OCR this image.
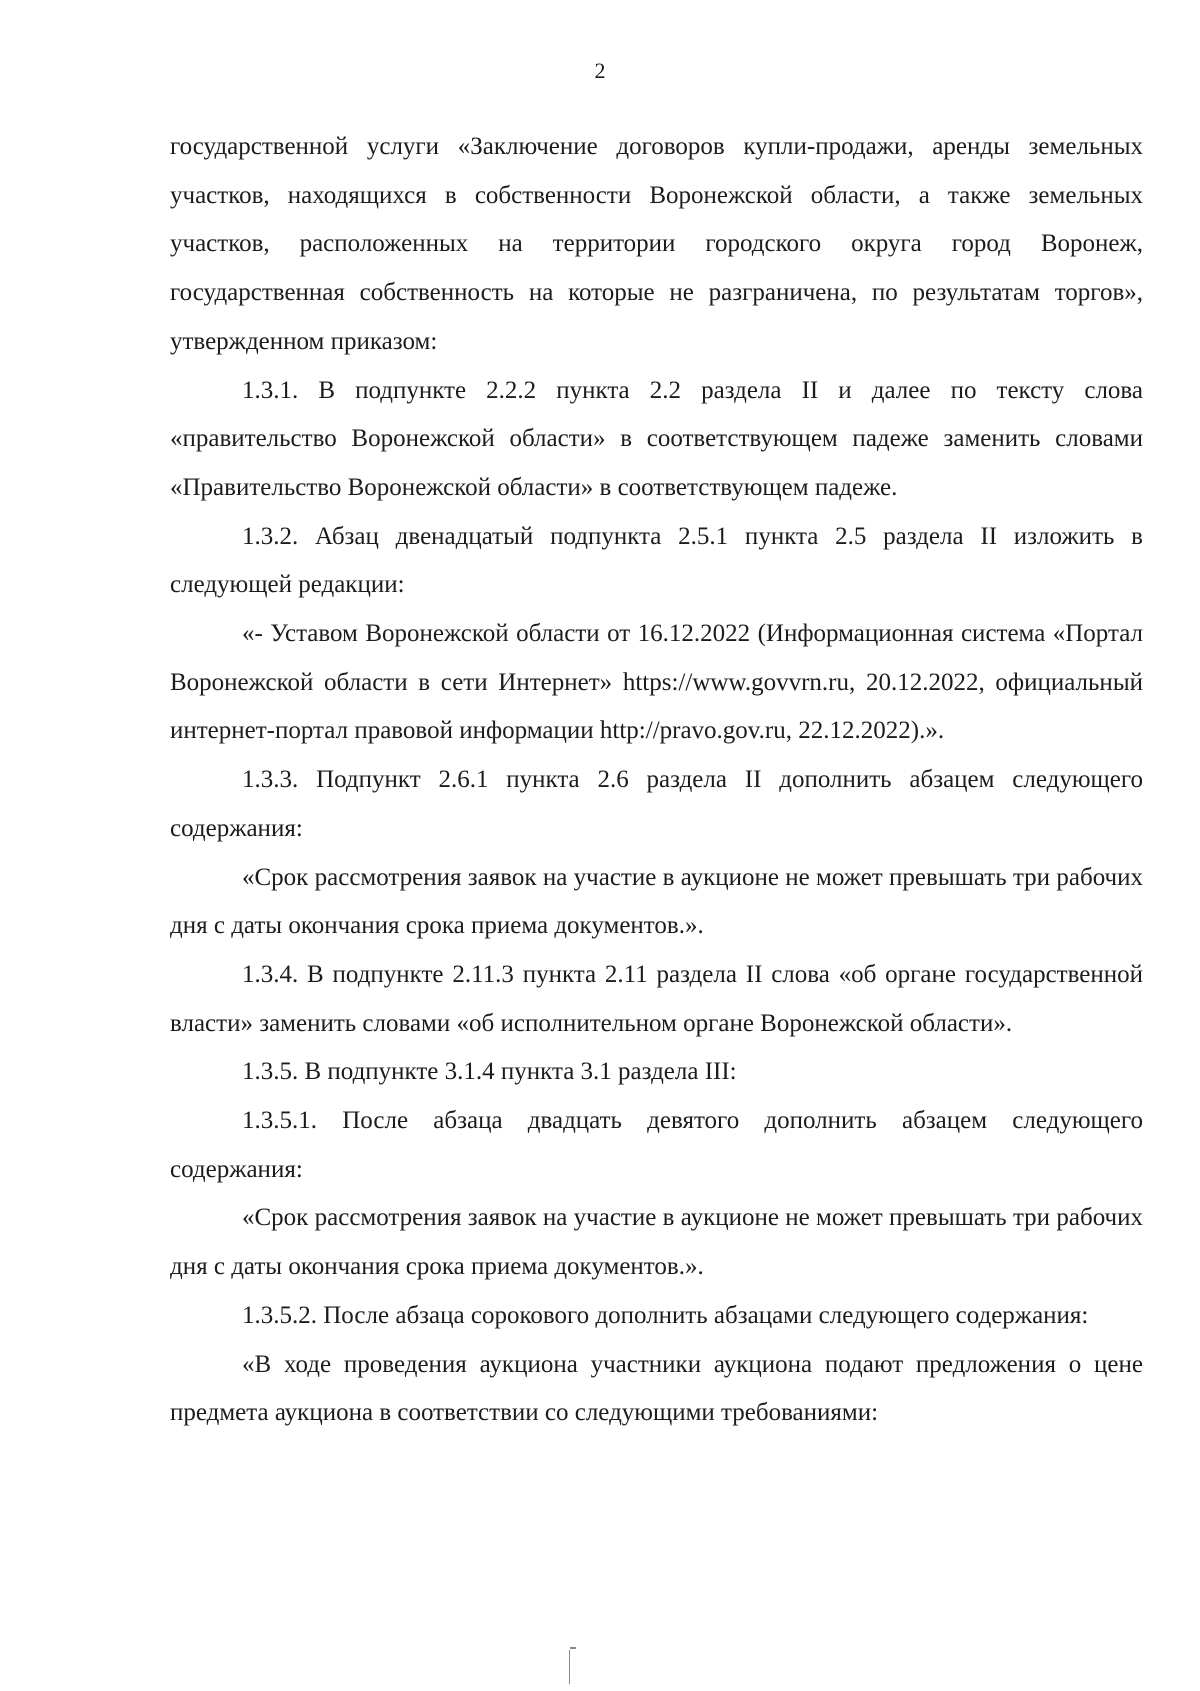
2

государственной услуги «Заключение договоров купли-продажи, аренды земельных участков, находящихся в собственности Воронежской области, а также земельных участков, расположенных на территории городского округа город Воронеж, государственная собственность на которые не разграничена, по результатам торгов», утвержденном приказом:

1.3.1. В подпункте 2.2.2 пункта 2.2 раздела II и далее по тексту слова «правительство Воронежской области» в соответствующем падеже заменить словами «Правительство Воронежской области» в соответствующем падеже.

1.3.2. Абзац двенадцатый подпункта 2.5.1 пункта 2.5 раздела II изложить в следующей редакции:

«- Уставом Воронежской области от 16.12.2022 (Информационная система «Портал Воронежской области в сети Интернет» https://www.govvrn.ru, 20.12.2022, официальный интернет-портал правовой информации http://pravo.gov.ru, 22.12.2022).».

1.3.3. Подпункт 2.6.1 пункта 2.6 раздела II дополнить абзацем следующего содержания:

«Срок рассмотрения заявок на участие в аукционе не может превышать три рабочих дня с даты окончания срока приема документов.».

1.3.4. В подпункте 2.11.3 пункта 2.11 раздела II слова «об органе государственной власти» заменить словами «об исполнительном органе Воронежской области».

1.3.5. В подпункте 3.1.4 пункта 3.1 раздела III:

1.3.5.1. После абзаца двадцать девятого дополнить абзацем следующего содержания:

«Срок рассмотрения заявок на участие в аукционе не может превышать три рабочих дня с даты окончания срока приема документов.».

1.3.5.2. После абзаца сорокового дополнить абзацами следующего содержания:

«В ходе проведения аукциона участники аукциона подают предложения о цене предмета аукциона в соответствии со следующими требованиями:
